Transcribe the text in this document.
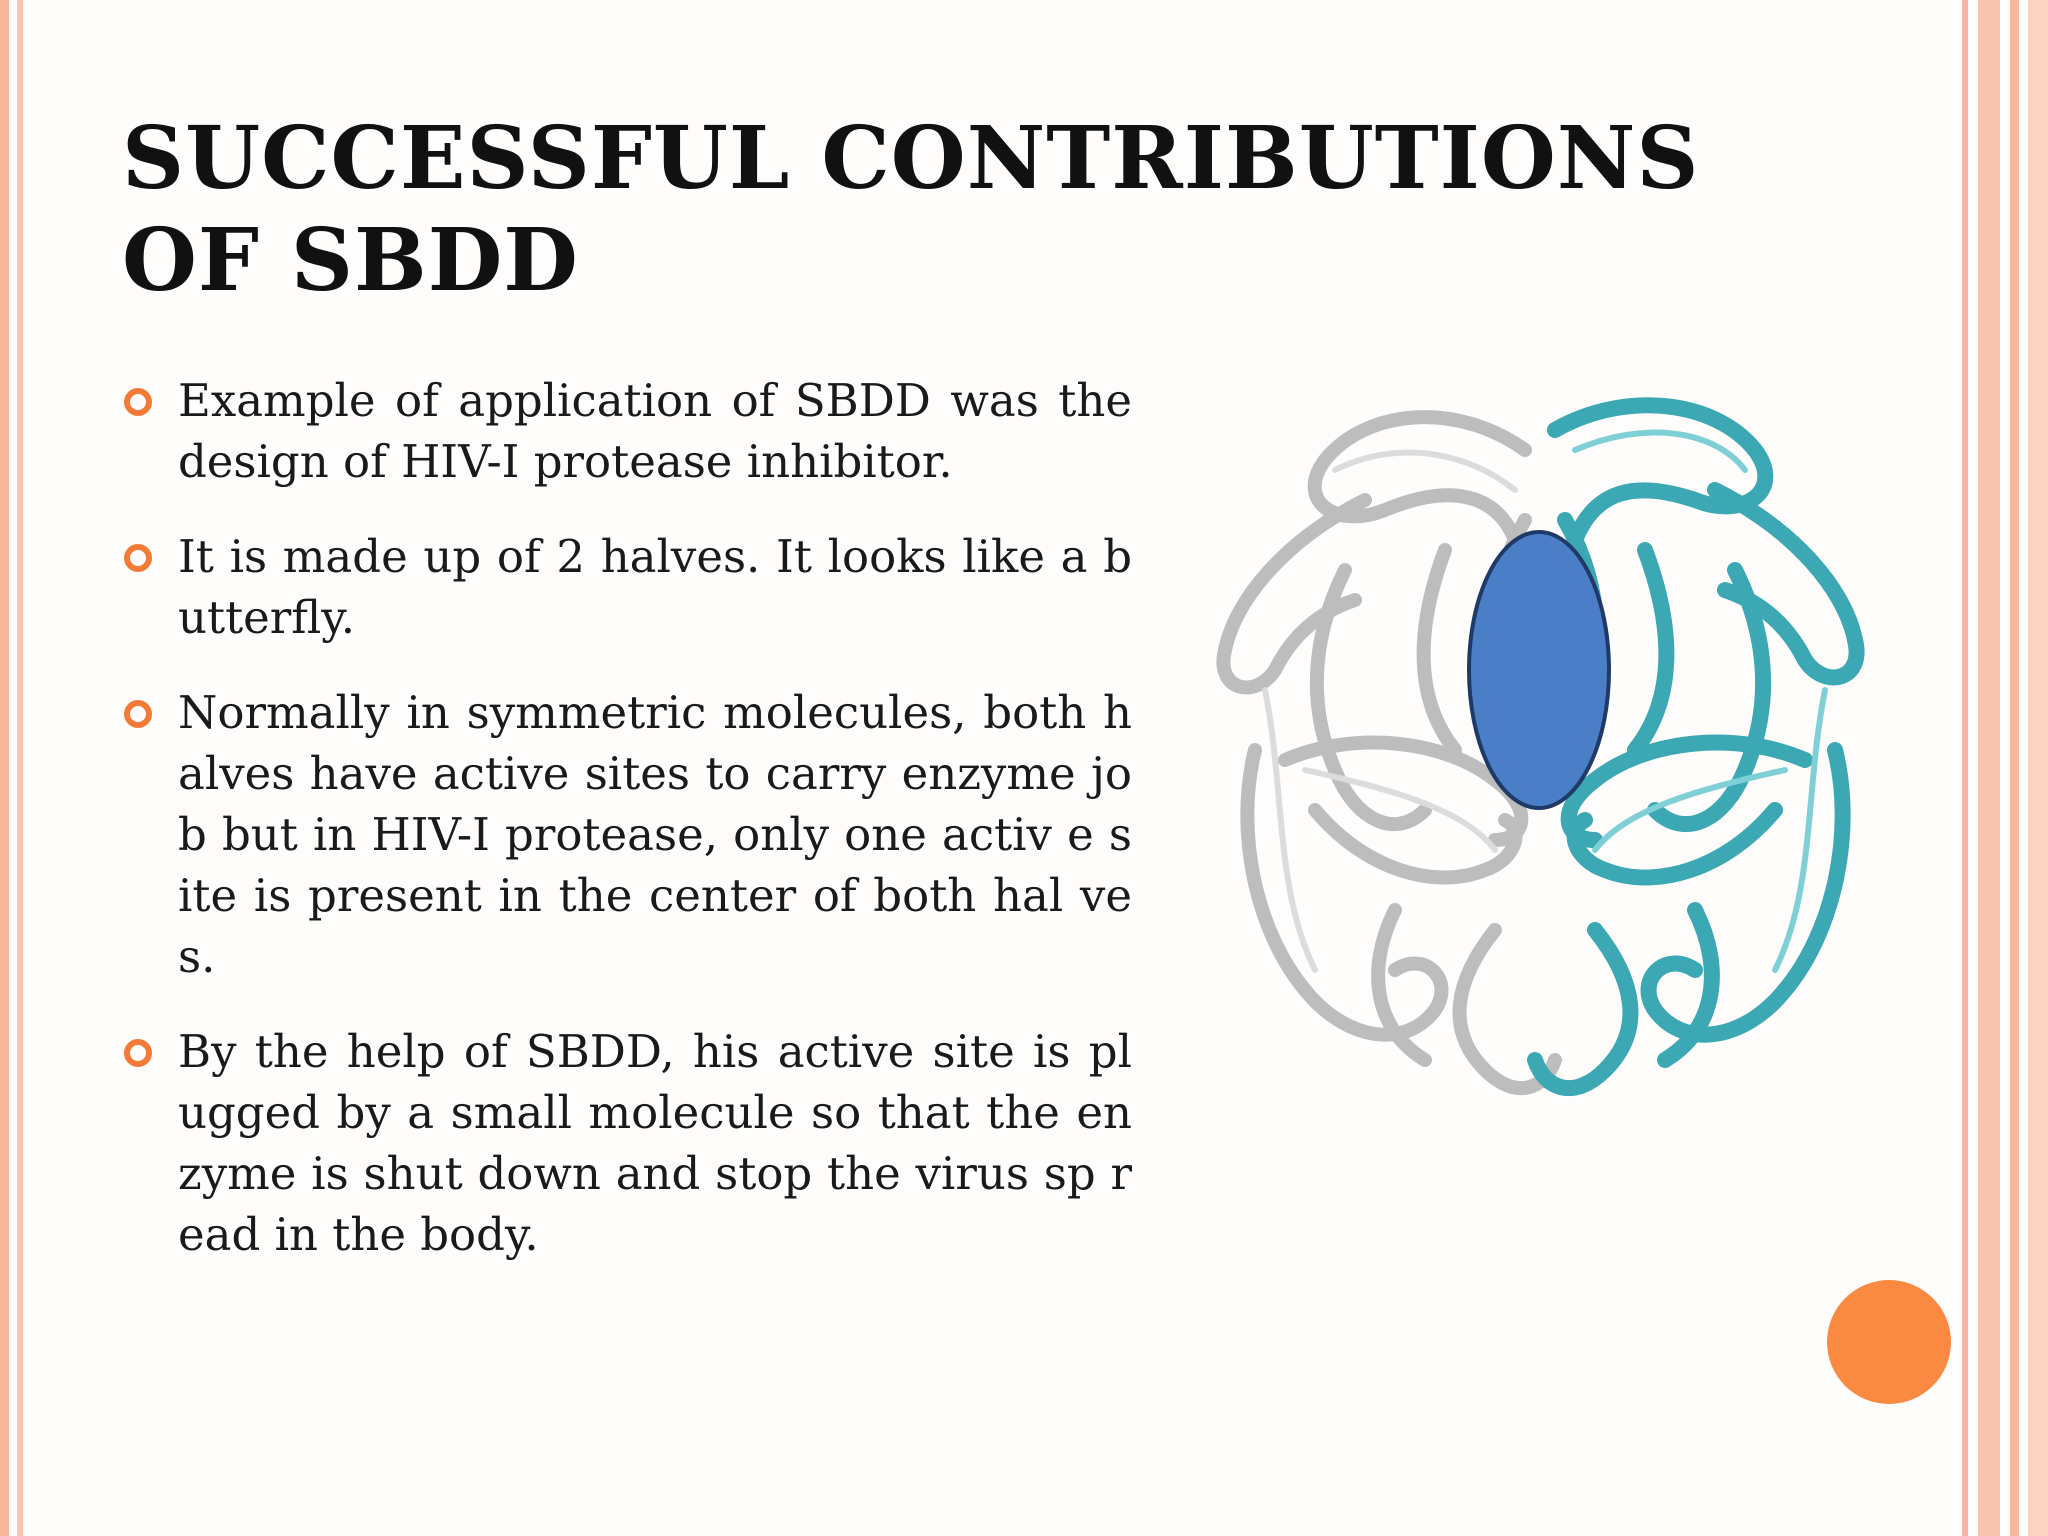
SUCCESSFUL CONTRIBUTIONS OF SBDD
Example of application of SBDD was the design of HIV-I protease inhibitor.
It is made up of 2 halves. It looks like a butterfly.
Normally in symmetric molecules, both halves have active sites to carry enzyme job but in HIV-I protease, only one activ e site is present in the center of both hal ves.
By the help of SBDD, his active site is pl ugged by a small molecule so that the en zyme is shut down and stop the virus sp read in the body.
